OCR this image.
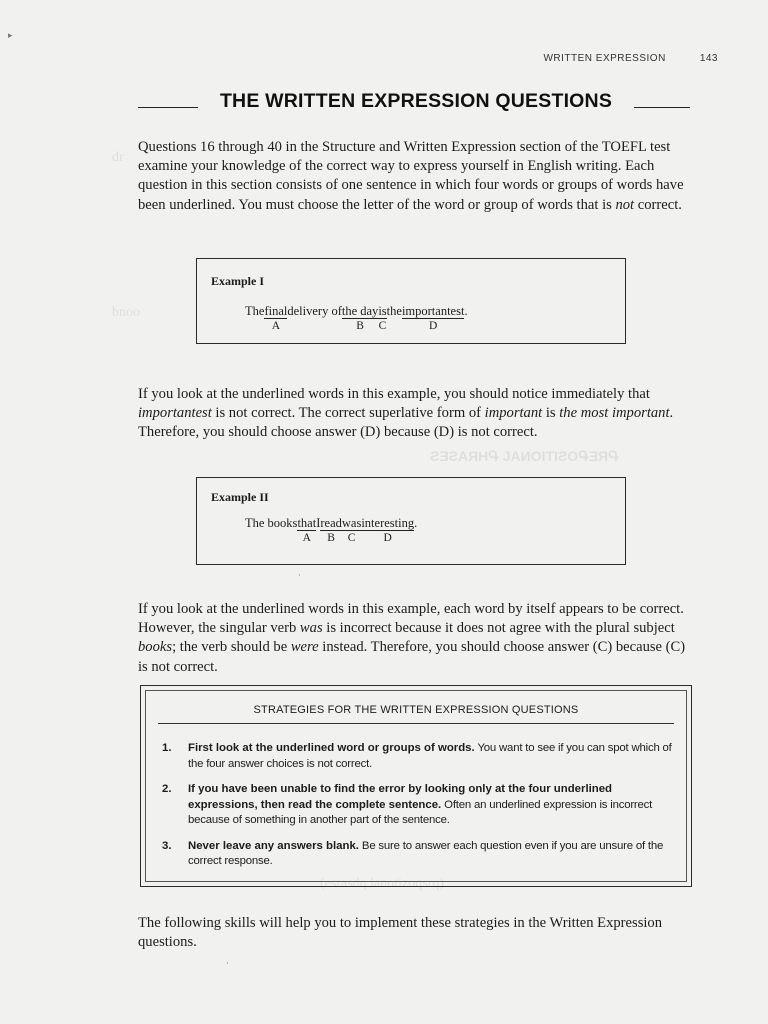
dr
bnoo
ƧƎƧAЯHԳ JAИOITIƧOԳƎЯԳ
(esrasdq lanotizoqsrq)
▸
·
·
WRITTEN EXPRESSION	143
THE WRITTEN EXPRESSION QUESTIONS
Questions 16 through 40 in the Structure and Written Expression section of the TOEFL test examine your knowledge of the correct way to express yourself in English writing. Each question in this section consists of one sentence in which four words or groups of words have been underlined. You must choose the letter of the word or group of words that is not correct.
Example I
Thefinal
A
delivery ofthe day
B
is
C
theimportantest
D
.
If you look at the underlined words in this example, you should notice immediately that importantest is not correct. The correct superlative form of important is the most important. Therefore, you should choose answer (D) because (D) is not correct.
Example II
The booksthat
A
Iread
B
was
C
interesting
D
.
If you look at the underlined words in this example, each word by itself appears to be correct. However, the singular verb was is incorrect because it does not agree with the plural subject books; the verb should be were instead. Therefore, you should choose answer (C) because (C) is not correct.
STRATEGIES FOR THE WRITTEN EXPRESSION QUESTIONS
1. First look at the underlined word or groups of words. You want to see if you can spot which of the four answer choices is not correct.
2. If you have been unable to find the error by looking only at the four underlined expressions, then read the complete sentence. Often an underlined expression is incorrect because of something in another part of the sentence.
3. Never leave any answers blank. Be sure to answer each question even if you are unsure of the correct response.
The following skills will help you to implement these strategies in the Written Expression questions.
